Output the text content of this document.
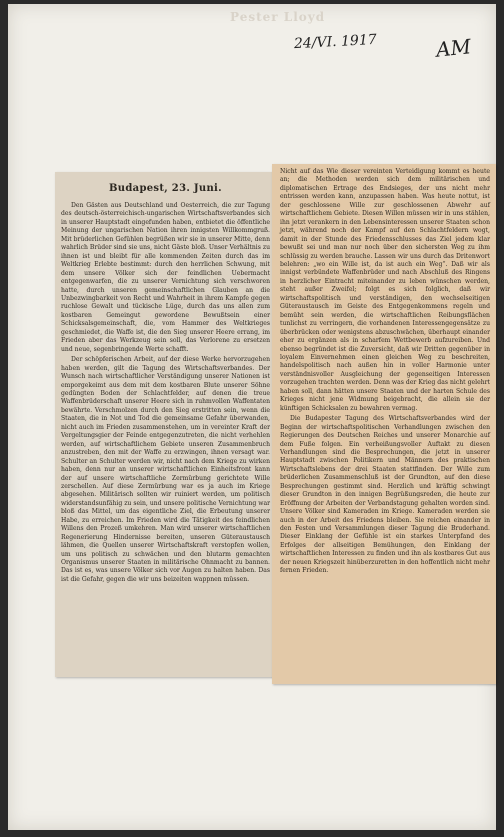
Pester Lloyd
24/VI. 1917	AM
Budapest, 23. Juni.

Den Gästen aus Deutschland und Oesterreich, die zur Tagung des deutsch-österreichisch-ungarischen Wirtschaftsverbandes sich in unserer Hauptstadt eingefunden haben, entbietet die öffentliche Meinung der ungarischen Nation ihren innigsten Willkommgruß. Mit brüderlichen Gefühlen begrüßen wir sie in unserer Mitte, denn wahrlich Brüder sind sie uns, nicht Gäste bloß. Unser Verhältnis zu ihnen ist und bleibt für alle kommenden Zeiten durch das im Weltkrieg Erlebte bestimmt: durch den herrlichen Schwung, mit dem unsere Völker sich der feindlichen Uebermacht entgegenwarfen, die zu unserer Vernichtung sich verschworen hatte, durch unseren gemeinschaftlichen Glauben an die Unbezwingbarkeit von Recht und Wahrheit in ihrem Kampfe gegen ruchlose Gewalt und tückische Lüge, durch das uns allen zum kostbaren Gemeingut gewordene Bewußtsein einer Schicksalsgemeinschaft, die, vom Hammer des Weltkrieges geschmiedet, die Waffe ist, die den Sieg unserer Heere errang, im Frieden aber das Werkzeug sein soll, das Verlorene zu ersetzen und neue, segenbringende Werte schafft.

Der schöpferischen Arbeit, auf der diese Werke hervorzugehen haben werden, gilt die Tagung des Wirtschaftsverbandes. Der Wunsch nach wirtschaftlicher Verständigung unserer Nationen ist emporgekeimt aus dem mit dem kostbaren Blute unserer Söhne gedüngten Boden der Schlachtfelder, auf denen die treue Waffenbrüderschaft unserer Heere sich in ruhmvollen Waffentaten bewährte. Verschmolzen durch den Sieg erstritten sein, wenn die Staaten, die in Not und Tod die gemeinsame Gefahr überwanden, nicht auch im Frieden zusammenstehen, um in vereinter Kraft der Vergeltungsgier der Feinde entgegenzutreten, die nicht verhehlen werden, auf wirtschaftlichem Gebiete unseren Zusammenbruch anzustreben, den mit der Waffe zu erzwingen, ihnen versagt war. Schulter an Schulter werden wir, nicht nach dem Kriege zu wirken haben, denn nur an unserer wirtschaftlichen Einheitsfront kann der auf unsere wirtschaftliche Zermürbung gerichtete Wille zerschellen. Auf diese Zermürbung war es ja auch im Kriege abgesehen. Militärisch sollten wir ruiniert werden, um politisch widerstandsunfähig zu sein, und unsere politische Vernichtung war bloß das Mittel, um das eigentliche Ziel, die Erbeutung unserer Habe, zu erreichen. Im Frieden wird die Tätigkeit des feindlichen Willens den Prozeß umkehren. Man wird unserer wirtschaftlichen Regenerierung Hindernisse bereiten, unseren Güteraustausch lähmen, die Quellen unserer Wirtschaftskraft verstopfen wollen, um uns politisch zu schwächen und den blutarm gemachten Organismus unserer Staaten in militärische Ohnmacht zu bannen. Das ist es, was unsere Völker sich vor Augen zu halten haben. Das ist die Gefahr, gegen die wir uns beizeiten wappnen müssen.

Nicht auf das Wie dieser vereinten Verteidigung kommt es heute an; die Methoden werden sich dem militärischen und diplomatischen Ertrage des Endsieges, der uns nicht mehr entrissen werden kann, anzupassen haben. Was heute nottut, ist der geschlossene Wille zur geschlossenen Abwehr auf wirtschaftlichem Gebiete. Diesen Willen müssen wir in uns stählen, ihn jetzt verankern in den Lebensinteressen unserer Staaten schon jetzt, während noch der Kampf auf den Schlachtfeldern wogt, damit in der Stunde des Friedensschlusses das Ziel jedem klar bewußt sei und man nur noch über den sichersten Weg zu ihm schlüssig zu werden brauche. Lassen wir uns durch das Dritenwort belehren: „wo ein Wille ist, da ist auch ein Weg“. Daß wir als innigst verbündete Waffenbrüder und nach Abschluß des Ringens in herzlicher Eintracht miteinander zu leben wünschen werden, steht außer Zweifel; folgt es sich folglich, daß wir wirtschaftspolitisch und verständigen, den wechselseitigen Güteraustausch im Geiste des Entgegenkommens regeln und bemüht sein werden, die wirtschaftlichen Reibungsflächen tunlichst zu verringern, die vorhandenen Interessengegensätze zu überbrücken oder wenigstens abzuschwächen, überhaupt einander eher zu ergänzen als in scharfem Wettbewerb aufzureiben. Und ebenso begründet ist die Zuversicht, daß wir Dritten gegenüber in loyalem Einvernehmen einen gleichen Weg zu beschreiten, handelspolitisch nach außen hin in voller Harmonie unter verständnisvoller Ausgleichung der gegenseitigen Interessen vorzugehen trachten werden. Denn was der Krieg das nicht gelehrt haben soll, dann hätten unsere Staaten und der harten Schule des Krieges nicht jene Widmung beigebracht, die allein sie der künftigen Schicksalen zu bewahren vermag.

Die Budapester Tagung des Wirtschaftsverbandes wird der Beginn der wirtschaftspolitischen Verhandlungen zwischen den Regierungen des Deutschen Reiches und unserer Monarchie auf dem Fuße folgen. Ein verheißungsvoller Auftakt zu diesen Verhandlungen sind die Besprechungen, die jetzt in unserer Hauptstadt zwischen Politikern und Männern des praktischen Wirtschaftslebens der drei Staaten stattfinden. Der Wille zum brüderlichen Zusammenschluß ist der Grundton, auf den diese Besprechungen gestimmt sind. Herzlich und kräftig schwingt dieser Grundton in den innigen Begrüßungsreden, die heute zur Eröffnung der Arbeiten der Verbandstagung gehalten worden sind. Unsere Völker sind Kameraden im Kriege. Kameraden werden sie auch in der Arbeit des Friedens bleiben. Sie reichen einander in den Festen und Versammlungen dieser Tagung die Bruderhand. Dieser Einklang der Gefühle ist ein starkes Unterpfand des Erfolges der allseitigen Bemühungen, den Einklang der wirtschaftlichen Interessen zu finden und ihn als kostbares Gut aus der neuen Kriegszeit hinüberzuretten in den hoffentlich nicht mehr fernen Frieden.
